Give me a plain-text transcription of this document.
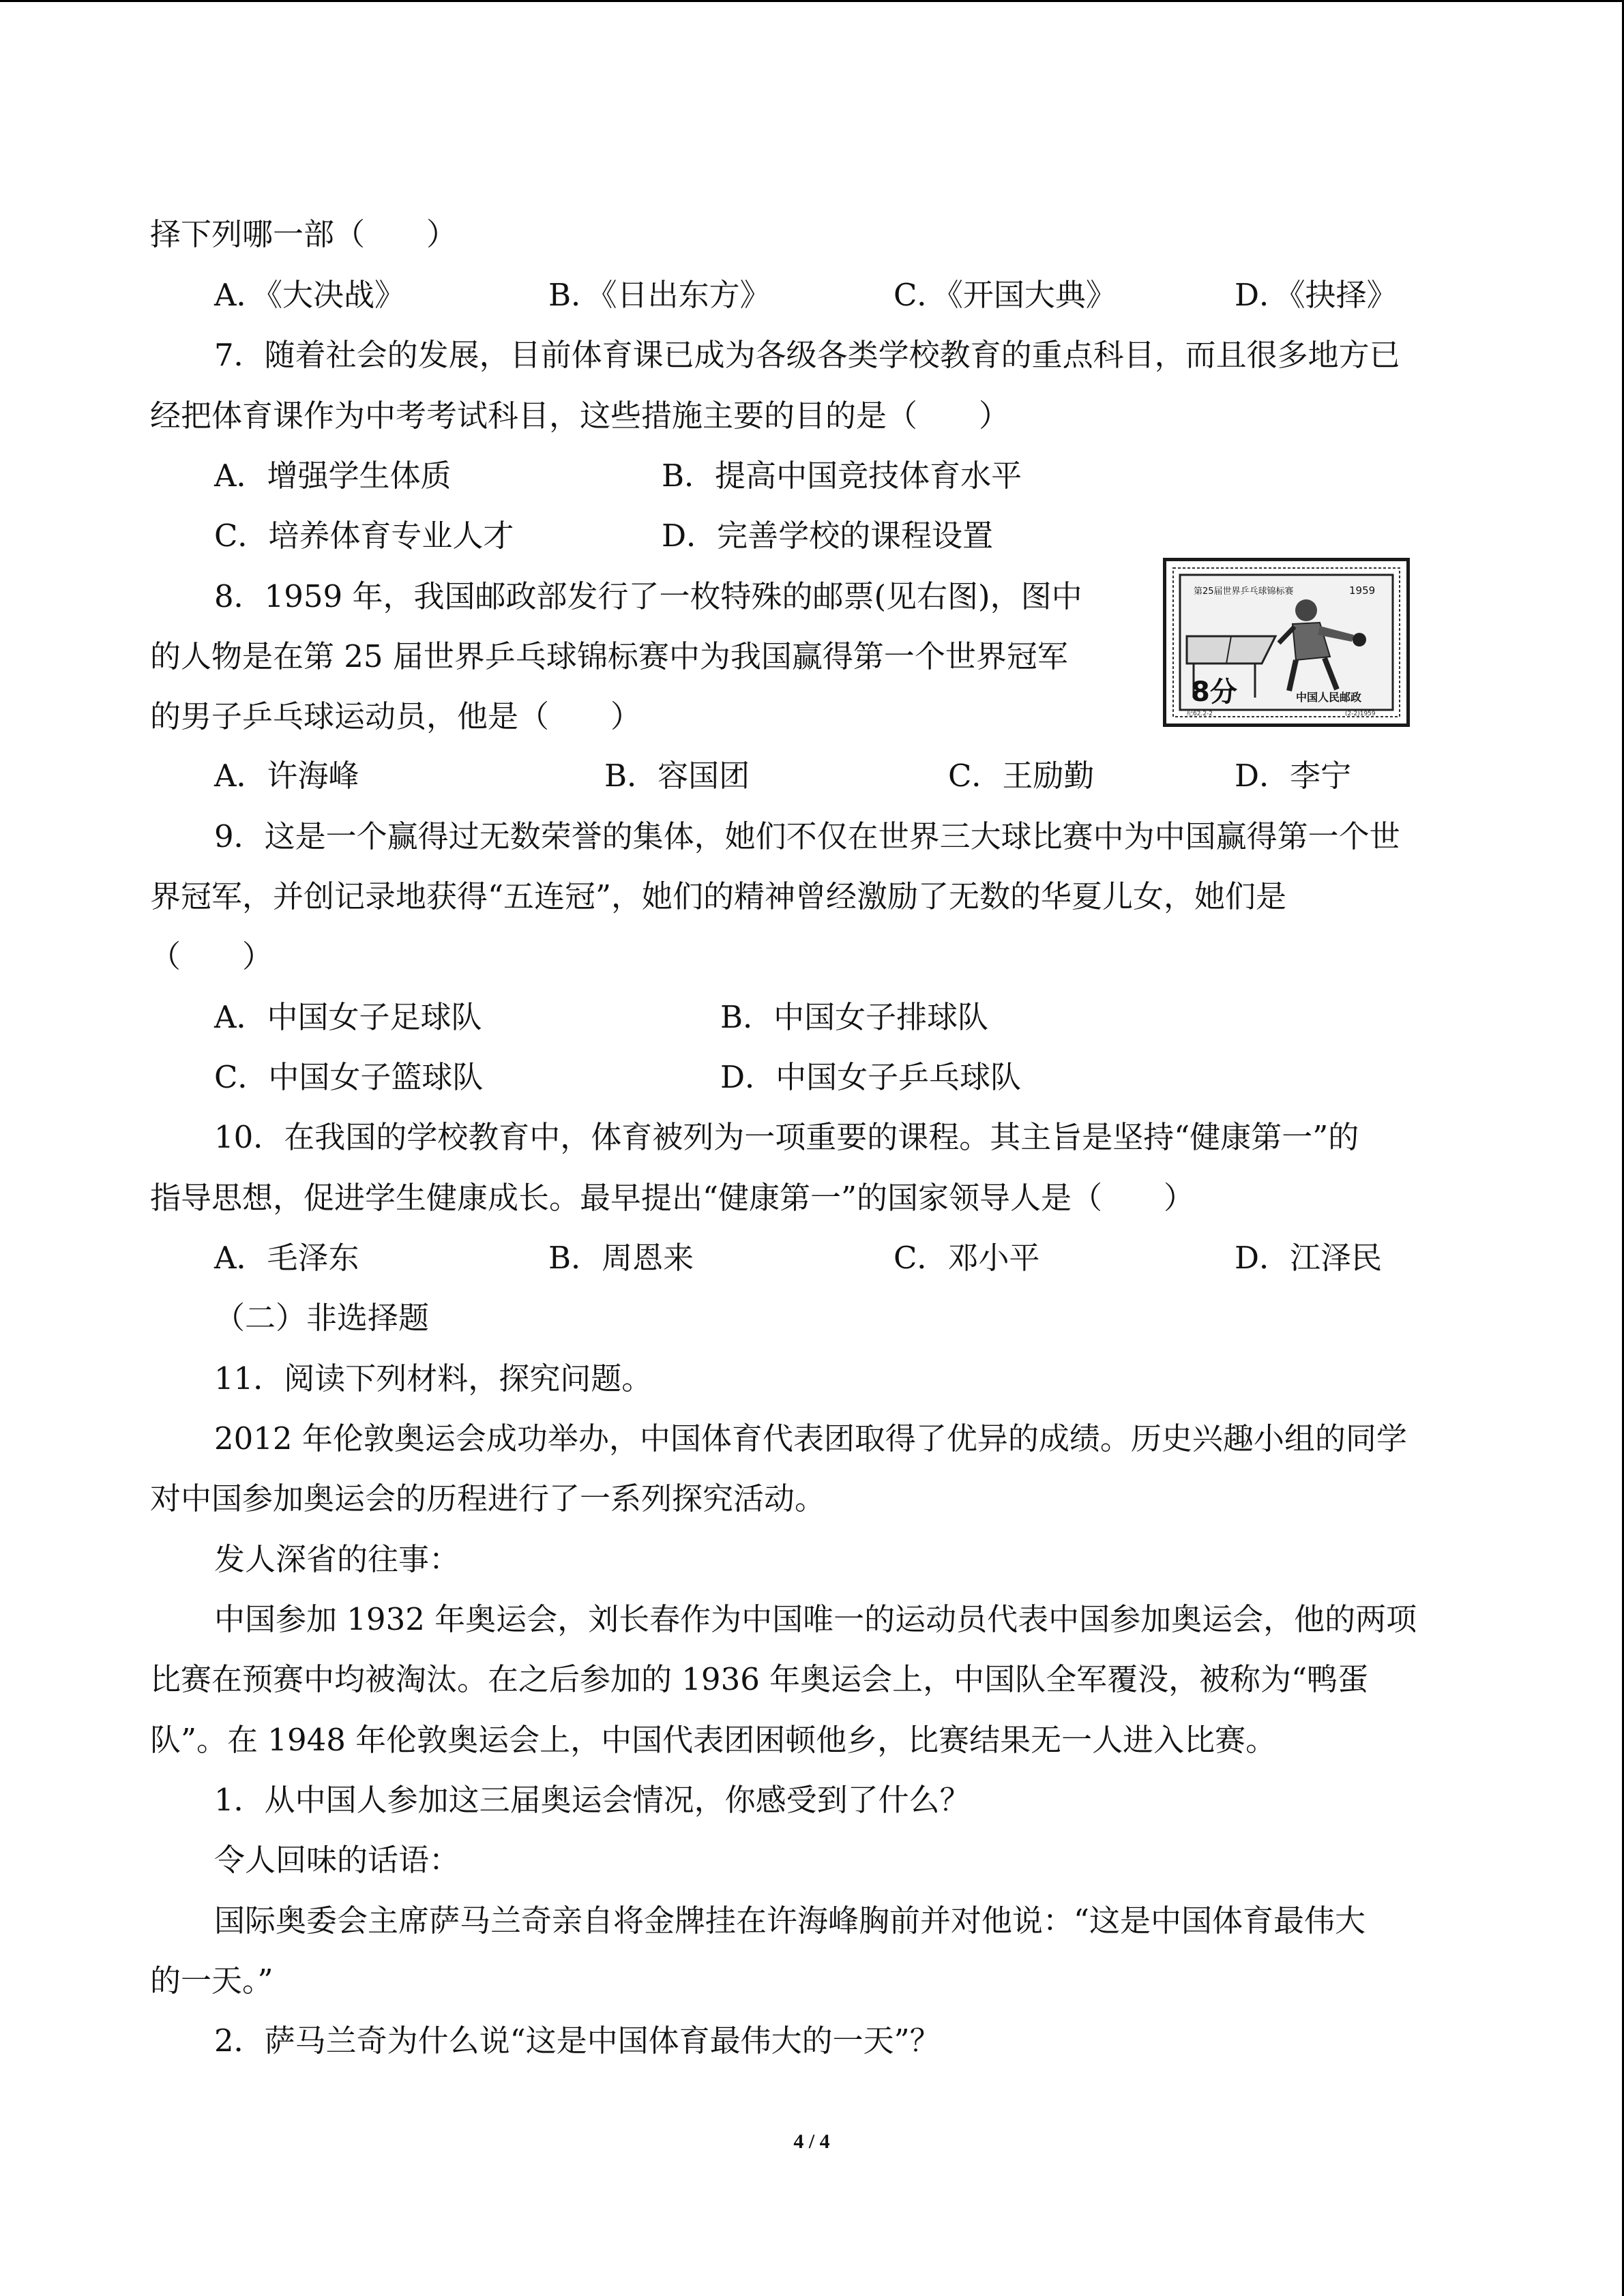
择下列哪一部（　　）
A．《大决战》	B．《日出东方》	C．《开国大典》	D．《抉择》
7．随着社会的发展，目前体育课已成为各级各类学校教育的重点科目，而且很多地方已
经把体育课作为中考考试科目，这些措施主要的目的是（　　）
A．增强学生体质	B．提高中国竞技体育水平
C．培养体育专业人才	D．完善学校的课程设置
8．1959 年，我国邮政部发行了一枚特殊的邮票(见右图)，图中
的人物是在第 25 届世界乒乓球锦标赛中为我国赢得第一个世界冠军
的男子乒乓球运动员，他是（　　）
第25届世界乒乓球锦标赛	1959
8分	中国人民邮政
纪62.2-2	(2-2)1959
A．许海峰	B．容国团	C．王励勤	D．李宁
9．这是一个赢得过无数荣誉的集体，她们不仅在世界三大球比赛中为中国赢得第一个世
界冠军，并创记录地获得“五连冠”，她们的精神曾经激励了无数的华夏儿女，她们是
（　　）
A．中国女子足球队	B．中国女子排球队
C．中国女子篮球队	D．中国女子乒乓球队
10．在我国的学校教育中，体育被列为一项重要的课程。其主旨是坚持“健康第一”的
指导思想，促进学生健康成长。最早提出“健康第一”的国家领导人是（　　）
A．毛泽东	B．周恩来	C．邓小平	D．江泽民
（二）非选择题
11．阅读下列材料，探究问题。
2012 年伦敦奥运会成功举办，中国体育代表团取得了优异的成绩。历史兴趣小组的同学
对中国参加奥运会的历程进行了一系列探究活动。
发人深省的往事：
中国参加 1932 年奥运会，刘长春作为中国唯一的运动员代表中国参加奥运会，他的两项
比赛在预赛中均被淘汰。在之后参加的 1936 年奥运会上，中国队全军覆没，被称为“鸭蛋
队”。在 1948 年伦敦奥运会上，中国代表团困顿他乡，比赛结果无一人进入比赛。
1．从中国人参加这三届奥运会情况，你感受到了什么？
令人回味的话语：
国际奥委会主席萨马兰奇亲自将金牌挂在许海峰胸前并对他说：“这是中国体育最伟大
的一天。”
2．萨马兰奇为什么说“这是中国体育最伟大的一天”？
4 / 4
